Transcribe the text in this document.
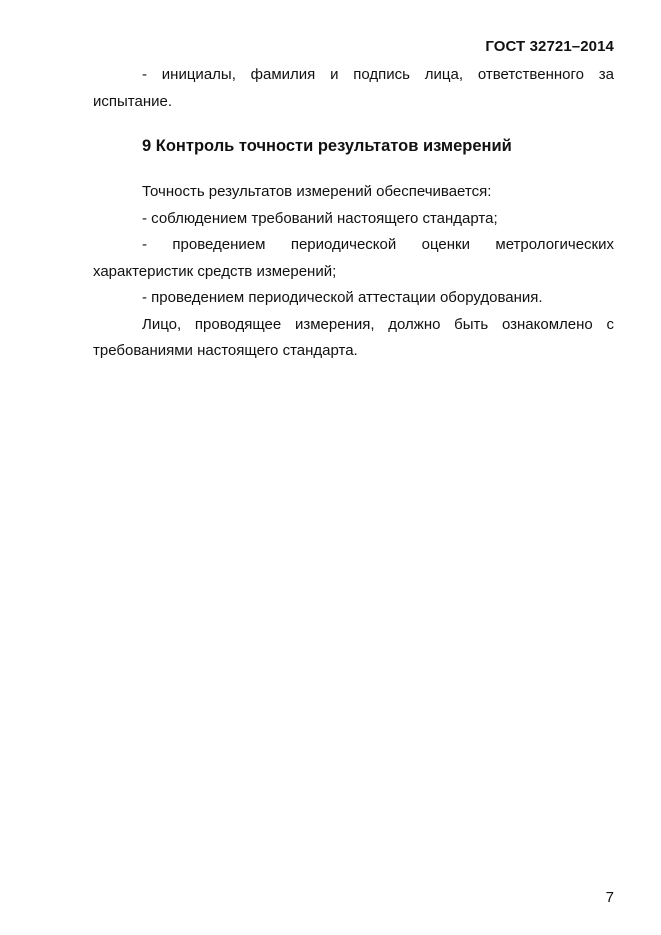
ГОСТ 32721–2014

- инициалы, фамилия и подпись лица, ответственного за испытание.

9 Контроль точности результатов измерений

Точность результатов измерений обеспечивается:

- соблюдением требований настоящего стандарта;

- проведением периодической оценки метрологических характеристик средств измерений;

- проведением периодической аттестации оборудования.

Лицо, проводящее измерения, должно быть ознакомлено с требованиями настоящего стандарта.

7
